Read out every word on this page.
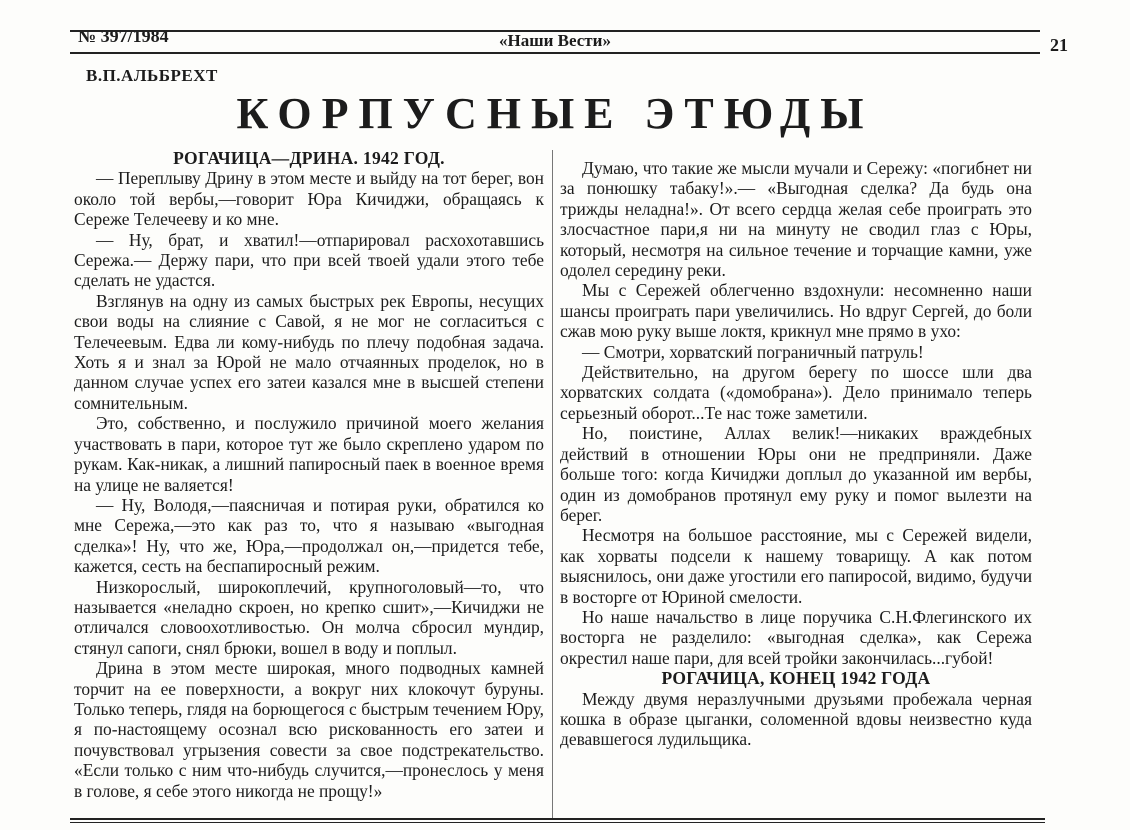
№ 397/1984	«Наши Вести»	21
В.П.АЛЬБРЕХТ
КОРПУСНЫЕ ЭТЮДЫ

РОГАЧИЦА—ДРИНА. 1942 ГОД.

— Переплыву Дрину в этом месте и выйду на тот берег, вон около той вербы,—говорит Юра Кичиджи, обращаясь к Сереже Телечееву и ко мне.

— Ну, брат, и хватил!—отпарировал расхохотавшись Сережа.— Держу пари, что при всей твоей удали этого тебе сделать не удастся.

Взглянув на одну из самых быстрых рек Европы, несущих свои воды на слияние с Савой, я не мог не согласиться с Телечеевым. Едва ли кому-нибудь по плечу подобная задача. Хоть я и знал за Юрой не мало отчаянных проделок, но в данном случае успех его затеи казался мне в высшей степени сомнительным.

Это, собственно, и послужило причиной моего желания участвовать в пари, которое тут же было скреплено ударом по рукам. Как-никак, а лишний папиросный паек в военное время на улице не валяется!

— Ну, Володя,—паясничая и потирая руки, обратился ко мне Сережа,—это как раз то, что я называю «выгодная сделка»! Ну, что же, Юра,—продолжал он,—придется тебе, кажется, сесть на беспапиросный режим.

Низкорослый, широкоплечий, крупноголовый—то, что называется «неладно скроен, но крепко сшит»,—Кичиджи не отличался словоохотливостью. Он молча сбросил мундир, стянул сапоги, снял брюки, вошел в воду и поплыл.

Дрина в этом месте широкая, много подводных камней торчит на ее поверхности, а вокруг них клокочут буруны. Только теперь, глядя на борющегося с быстрым течением Юру, я по-настоящему осознал всю рискованность его затеи и почувствовал угрызения совести за свое подстрекательство. «Если только с ним что-нибудь случится,—пронеслось у меня в голове, я себе этого никогда не прощу!»

Думаю, что такие же мысли мучали и Сережу: «погибнет ни за понюшку табаку!».— «Выгодная сделка? Да будь она трижды неладна!». От всего сердца желая себе проиграть это злосчастное пари,я ни на минуту не сводил глаз с Юры, который, несмотря на сильное течение и торчащие камни, уже одолел середину реки.

Мы с Сережей облегченно вздохнули: несомненно наши шансы проиграть пари увеличились. Но вдруг Сергей, до боли сжав мою руку выше локтя, крикнул мне прямо в ухо:

— Смотри, хорватский пограничный патруль!

Действительно, на другом берегу по шоссе шли два хорватских солдата («домобрана»). Дело принимало теперь серьезный оборот...Те нас тоже заметили.

Но, поистине, Аллах велик!—никаких враждебных действий в отношении Юры они не предприняли. Даже больше того: когда Кичиджи доплыл до указанной им вербы, один из домобранов протянул ему руку и помог вылезти на берег.

Несмотря на большое расстояние, мы с Сережей видели, как хорваты подсели к нашему товарищу. А как потом выяснилось, они даже угостили его папиросой, видимо, будучи в восторге от Юриной смелости.

Но наше начальство в лице поручика С.Н.Флегинского их восторга не разделило: «выгодная сделка», как Сережа окрестил наше пари, для всей тройки закончилась...губой!

РОГАЧИЦА, КОНЕЦ 1942 ГОДА

Между двумя неразлучными друзьями пробежала черная кошка в образе цыганки, соломенной вдовы неизвестно куда девавшегося лудильщика.
